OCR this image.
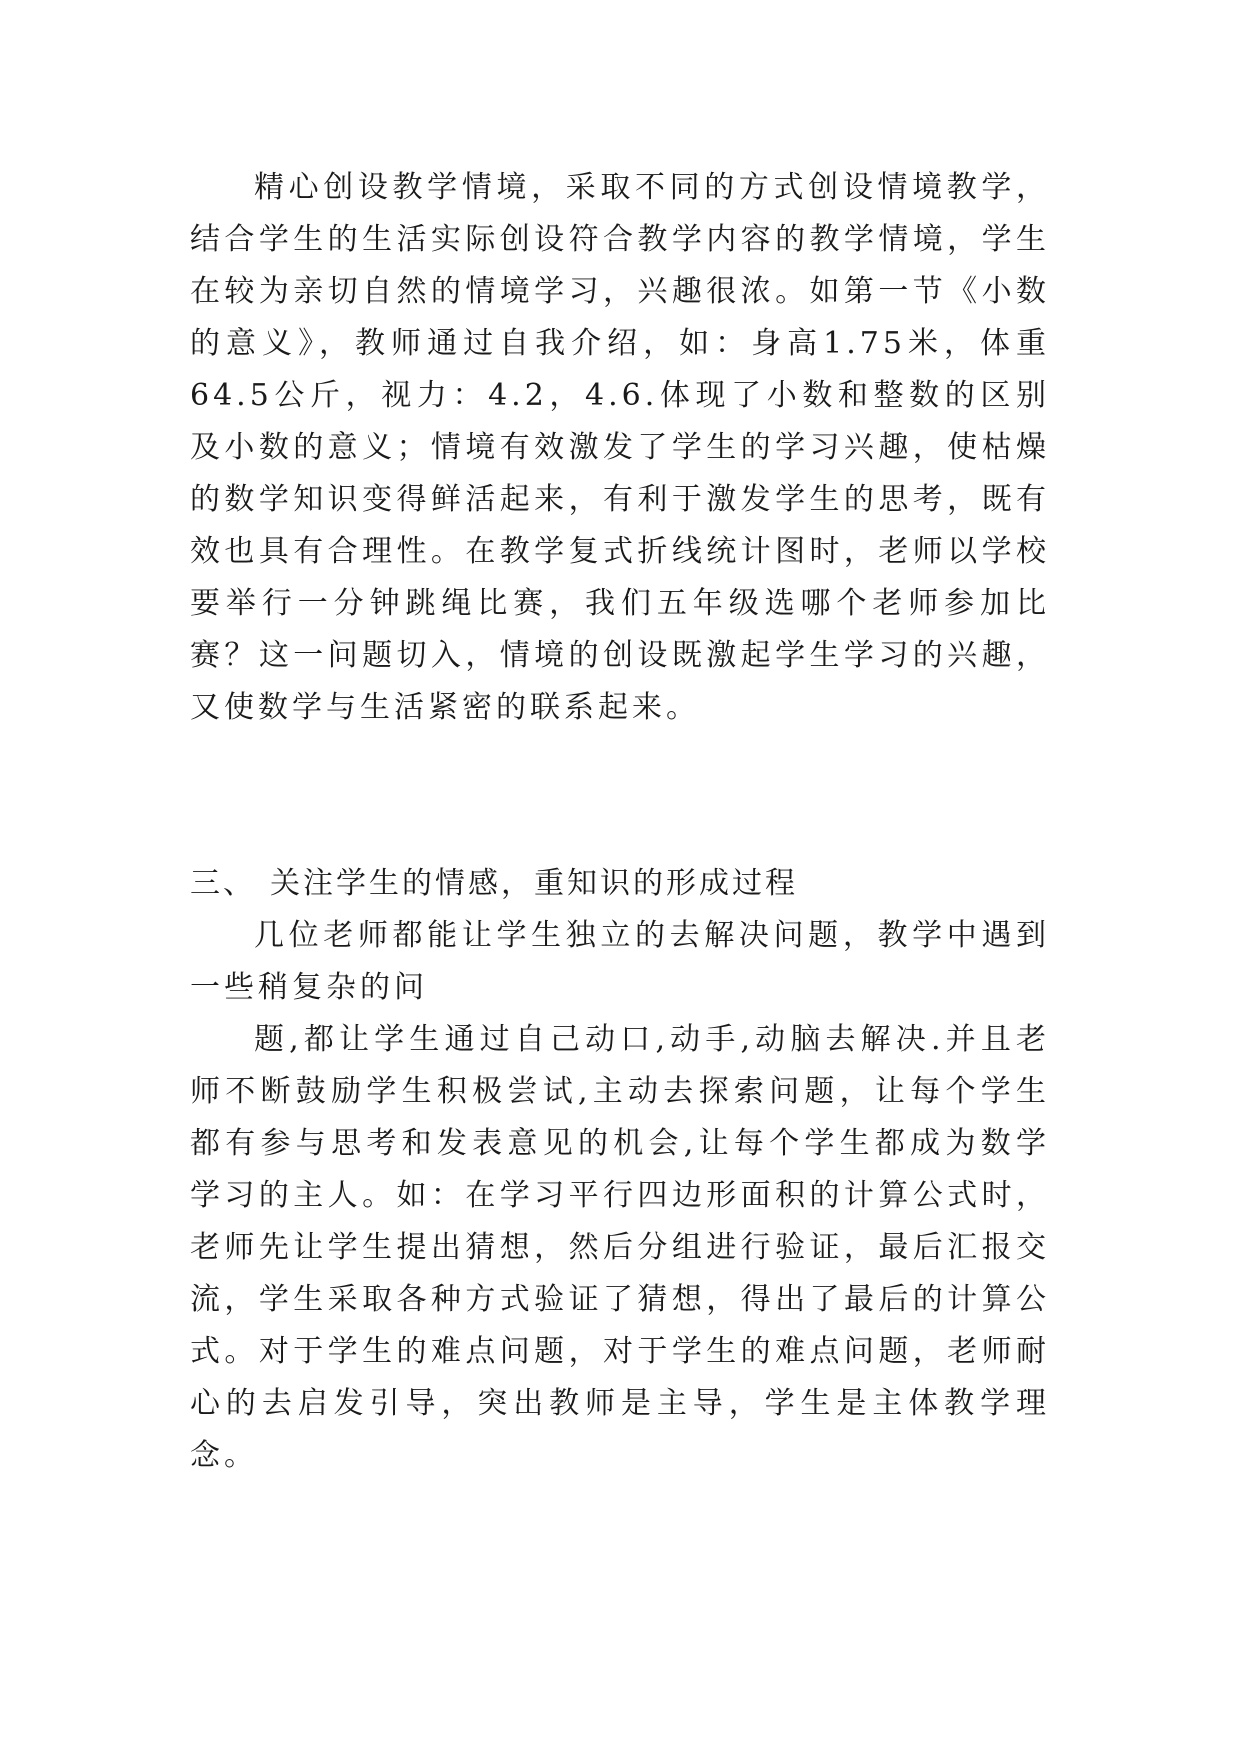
精心创设教学情境，采取不同的方式创设情境教学，结合学生的生活实际创设符合教学内容的教学情境，学生在较为亲切自然的情境学习，兴趣很浓。如第一节《小数的意义》，教师通过自我介绍，如：身高1.75米，体重64.5公斤，视力：4.2，4.6.体现了小数和整数的区别及小数的意义；情境有效激发了学生的学习兴趣，使枯燥的数学知识变得鲜活起来，有利于激发学生的思考，既有效也具有合理性。在教学复式折线统计图时，老师以学校要举行一分钟跳绳比赛，我们五年级选哪个老师参加比赛？这一问题切入，情境的创设既激起学生学习的兴趣，又使数学与生活紧密的联系起来。

三、 关注学生的情感，重知识的形成过程

几位老师都能让学生独立的去解决问题，教学中遇到一些稍复杂的问

题,都让学生通过自己动口,动手,动脑去解决.并且老师不断鼓励学生积极尝试,主动去探索问题，让每个学生都有参与思考和发表意见的机会,让每个学生都成为数学学习的主人。如：在学习平行四边形面积的计算公式时，老师先让学生提出猜想，然后分组进行验证，最后汇报交流，学生采取各种方式验证了猜想，得出了最后的计算公式。对于学生的难点问题，对于学生的难点问题，老师耐心的去启发引导，突出教师是主导，学生是主体教学理念。
